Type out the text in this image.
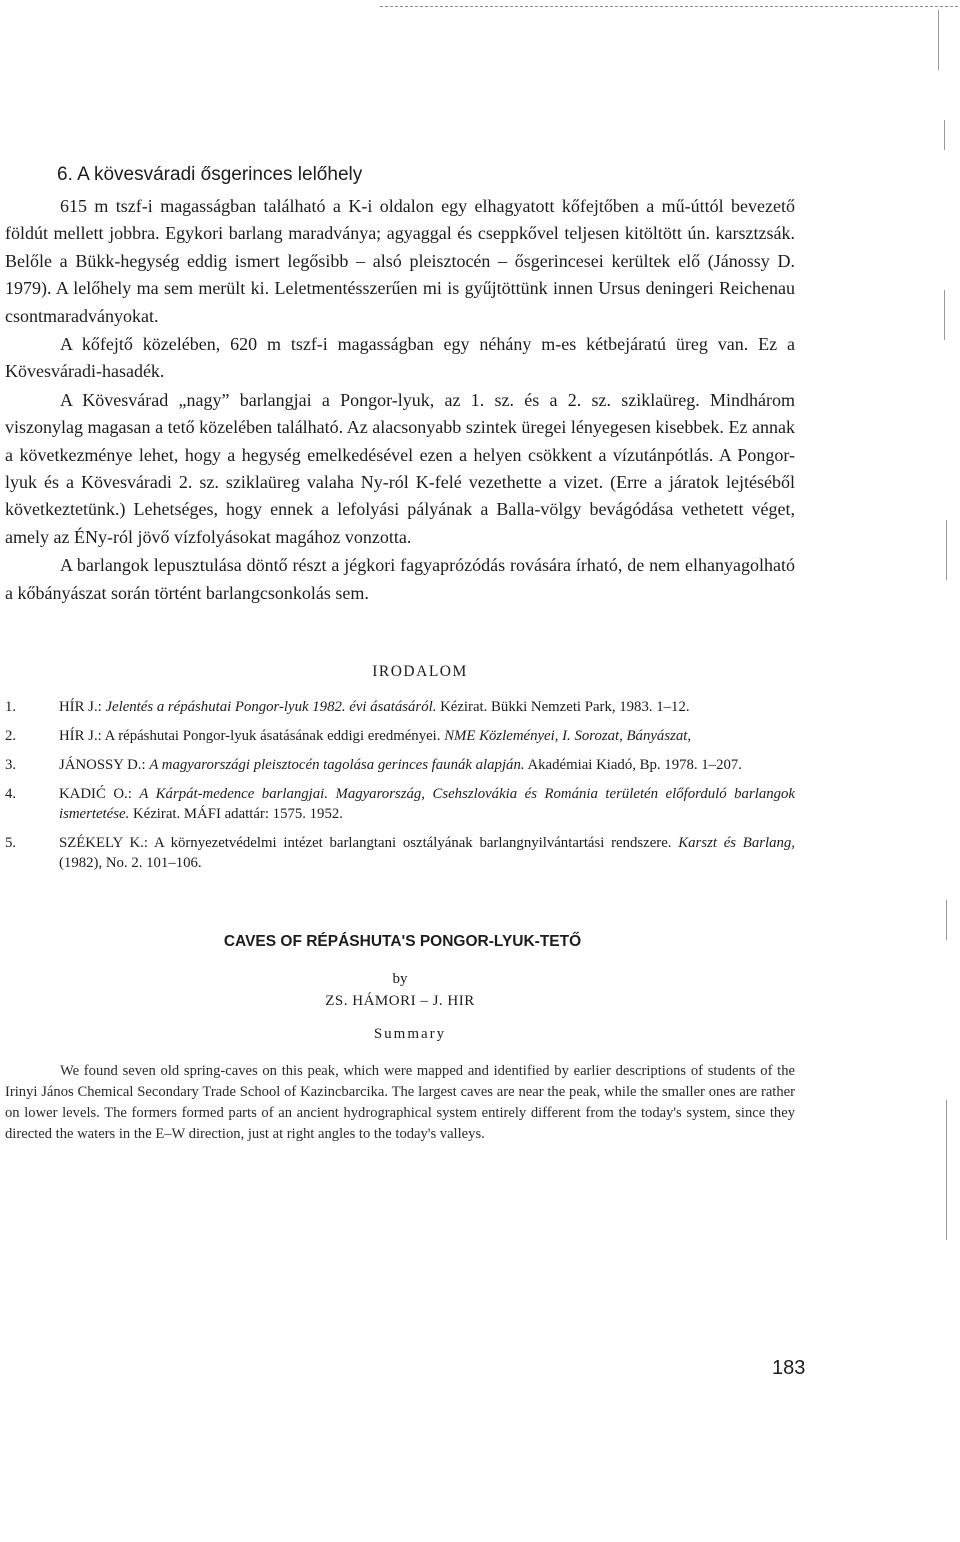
6. A kövesváradi ősgerinces lelőhely

615 m tszf-i magasságban található a K-i oldalon egy elhagyatott kőfejtőben a mű-úttól bevezető földút mellett jobbra. Egykori barlang maradványa; agyaggal és cseppkővel teljesen kitöltött ún. karsztzsák. Belőle a Bükk-hegység eddig ismert legősibb – alsó pleisztocén – ősgerincesei kerültek elő (Jánossy D. 1979). A lelőhely ma sem merült ki. Leletmentésszerűen mi is gyűjtöttünk innen Ursus deningeri Reichenau csontmaradványokat.

A kőfejtő közelében, 620 m tszf-i magasságban egy néhány m-es kétbejáratú üreg van. Ez a Kövesváradi-hasadék.

A Kövesvárad „nagy” barlangjai a Pongor-lyuk, az 1. sz. és a 2. sz. sziklaüreg. Mindhárom viszonylag magasan a tető közelében található. Az alacsonyabb szintek üregei lényegesen kisebbek. Ez annak a következménye lehet, hogy a hegység emelkedésével ezen a helyen csökkent a vízutánpótlás. A Pongor-lyuk és a Kövesváradi 2. sz. sziklaüreg valaha Ny-ról K-felé vezethette a vizet. (Erre a járatok lejtéséből következtetünk.) Lehetséges, hogy ennek a lefolyási pályának a Balla-völgy bevágódása vethetett véget, amely az ÉNy-ról jövő vízfolyásokat magához vonzotta.

A barlangok lepusztulása döntő részt a jégkori fagyaprózódás rovására írható, de nem elhanyagolható a kőbányászat során történt barlangcsonkolás sem.

IRODALOM
1.	HÍR J.: Jelentés a répáshutai Pongor-lyuk 1982. évi ásatásáról. Kézirat. Bükki Nemzeti Park, 1983. 1–12.
2.	HÍR J.: A répáshutai Pongor-lyuk ásatásának eddigi eredményei. NME Közleményei, I. Sorozat, Bányászat,
3.	JÁNOSSY D.: A magyarországi pleisztocén tagolása gerinces faunák alapján. Akadémiai Kiadó, Bp. 1978. 1–207.
4.	KADIĆ O.: A Kárpát-medence barlangjai. Magyarország, Csehszlovákia és Románia területén előforduló barlangok ismertetése. Kézirat. MÁFI adattár: 1575. 1952.
5.	SZÉKELY K.: A környezetvédelmi intézet barlangtani osztályának barlangnyilvántartási rendszere. Karszt és Barlang, (1982), No. 2. 101–106.
CAVES OF RÉPÁSHUTA'S PONGOR-LYUK-TETŐ
by
ZS. HÁMORI – J. HIR
Summary

We found seven old spring-caves on this peak, which were mapped and identified by earlier descriptions of students of the Irinyi János Chemical Secondary Trade School of Kazincbarcika. The largest caves are near the peak, while the smaller ones are rather on lower levels. The formers formed parts of an ancient hydrographical system entirely different from the today's system, since they directed the waters in the E–W direction, just at right angles to the today's valleys.

183
